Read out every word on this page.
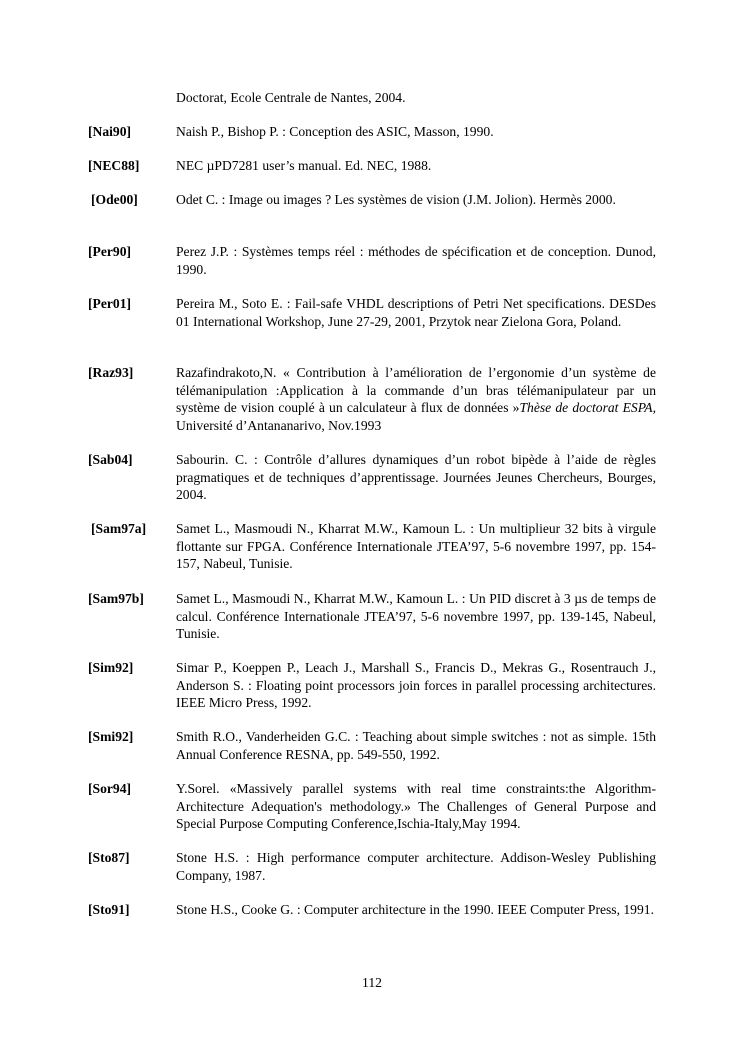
Doctorat, Ecole Centrale de Nantes, 2004.
[Nai90]	Naish P., Bishop P. : Conception des ASIC, Masson, 1990.
[NEC88]	NEC µPD7281 user’s manual. Ed. NEC, 1988.
[Ode00]	Odet C. : Image ou images ? Les systèmes de vision (J.M. Jolion). Hermès 2000.
[Per90]	Perez J.P. : Systèmes temps réel : méthodes de spécification et de conception. Dunod, 1990.
[Per01]	Pereira M., Soto E. : Fail-safe VHDL descriptions of Petri Net specifications. DESDes 01 International Workshop, June 27-29, 2001, Przytok near Zielona Gora, Poland.
[Raz93]	Razafindrakoto,N. « Contribution à l’amélioration de l’ergonomie d’un système de télémanipulation :Application à la commande d’un bras télémanipulateur par un système de vision couplé à un calculateur à flux de données »Thèse de doctorat ESPA, Université d’Antananarivo, Nov.1993
[Sab04]	Sabourin. C. : Contrôle d’allures dynamiques d’un robot bipède à l’aide de règles pragmatiques et de techniques d’apprentissage. Journées Jeunes Chercheurs, Bourges, 2004.
[Sam97a] Samet L., Masmoudi N., Kharrat M.W., Kamoun L. : Un multiplieur 32 bits à virgule flottante sur FPGA. Conférence Internationale JTEA’97, 5-6 novembre 1997, pp. 154-157, Nabeul, Tunisie.
[Sam97b] Samet L., Masmoudi N., Kharrat M.W., Kamoun L. : Un PID discret à 3 µs de temps de calcul. Conférence Internationale JTEA’97, 5-6 novembre 1997, pp. 139-145, Nabeul, Tunisie.
[Sim92]	Simar P., Koeppen P., Leach J., Marshall S., Francis D., Mekras G., Rosentrauch J., Anderson S. : Floating point processors join forces in parallel processing architectures. IEEE Micro Press, 1992.
[Smi92]	Smith R.O., Vanderheiden G.C. : Teaching about simple switches : not as simple. 15th Annual Conference RESNA, pp. 549-550, 1992.
[Sor94]	Y.Sorel. «Massively parallel systems with real time constraints:the Algorithm-Architecture Adequation's methodology.» The Challenges of General Purpose and Special Purpose Computing Conference,Ischia-Italy,May 1994.
[Sto87]	Stone H.S. : High performance computer architecture. Addison-Wesley Publishing Company, 1987.
[Sto91]	Stone H.S., Cooke G. : Computer architecture in the 1990. IEEE Computer Press, 1991.
112
